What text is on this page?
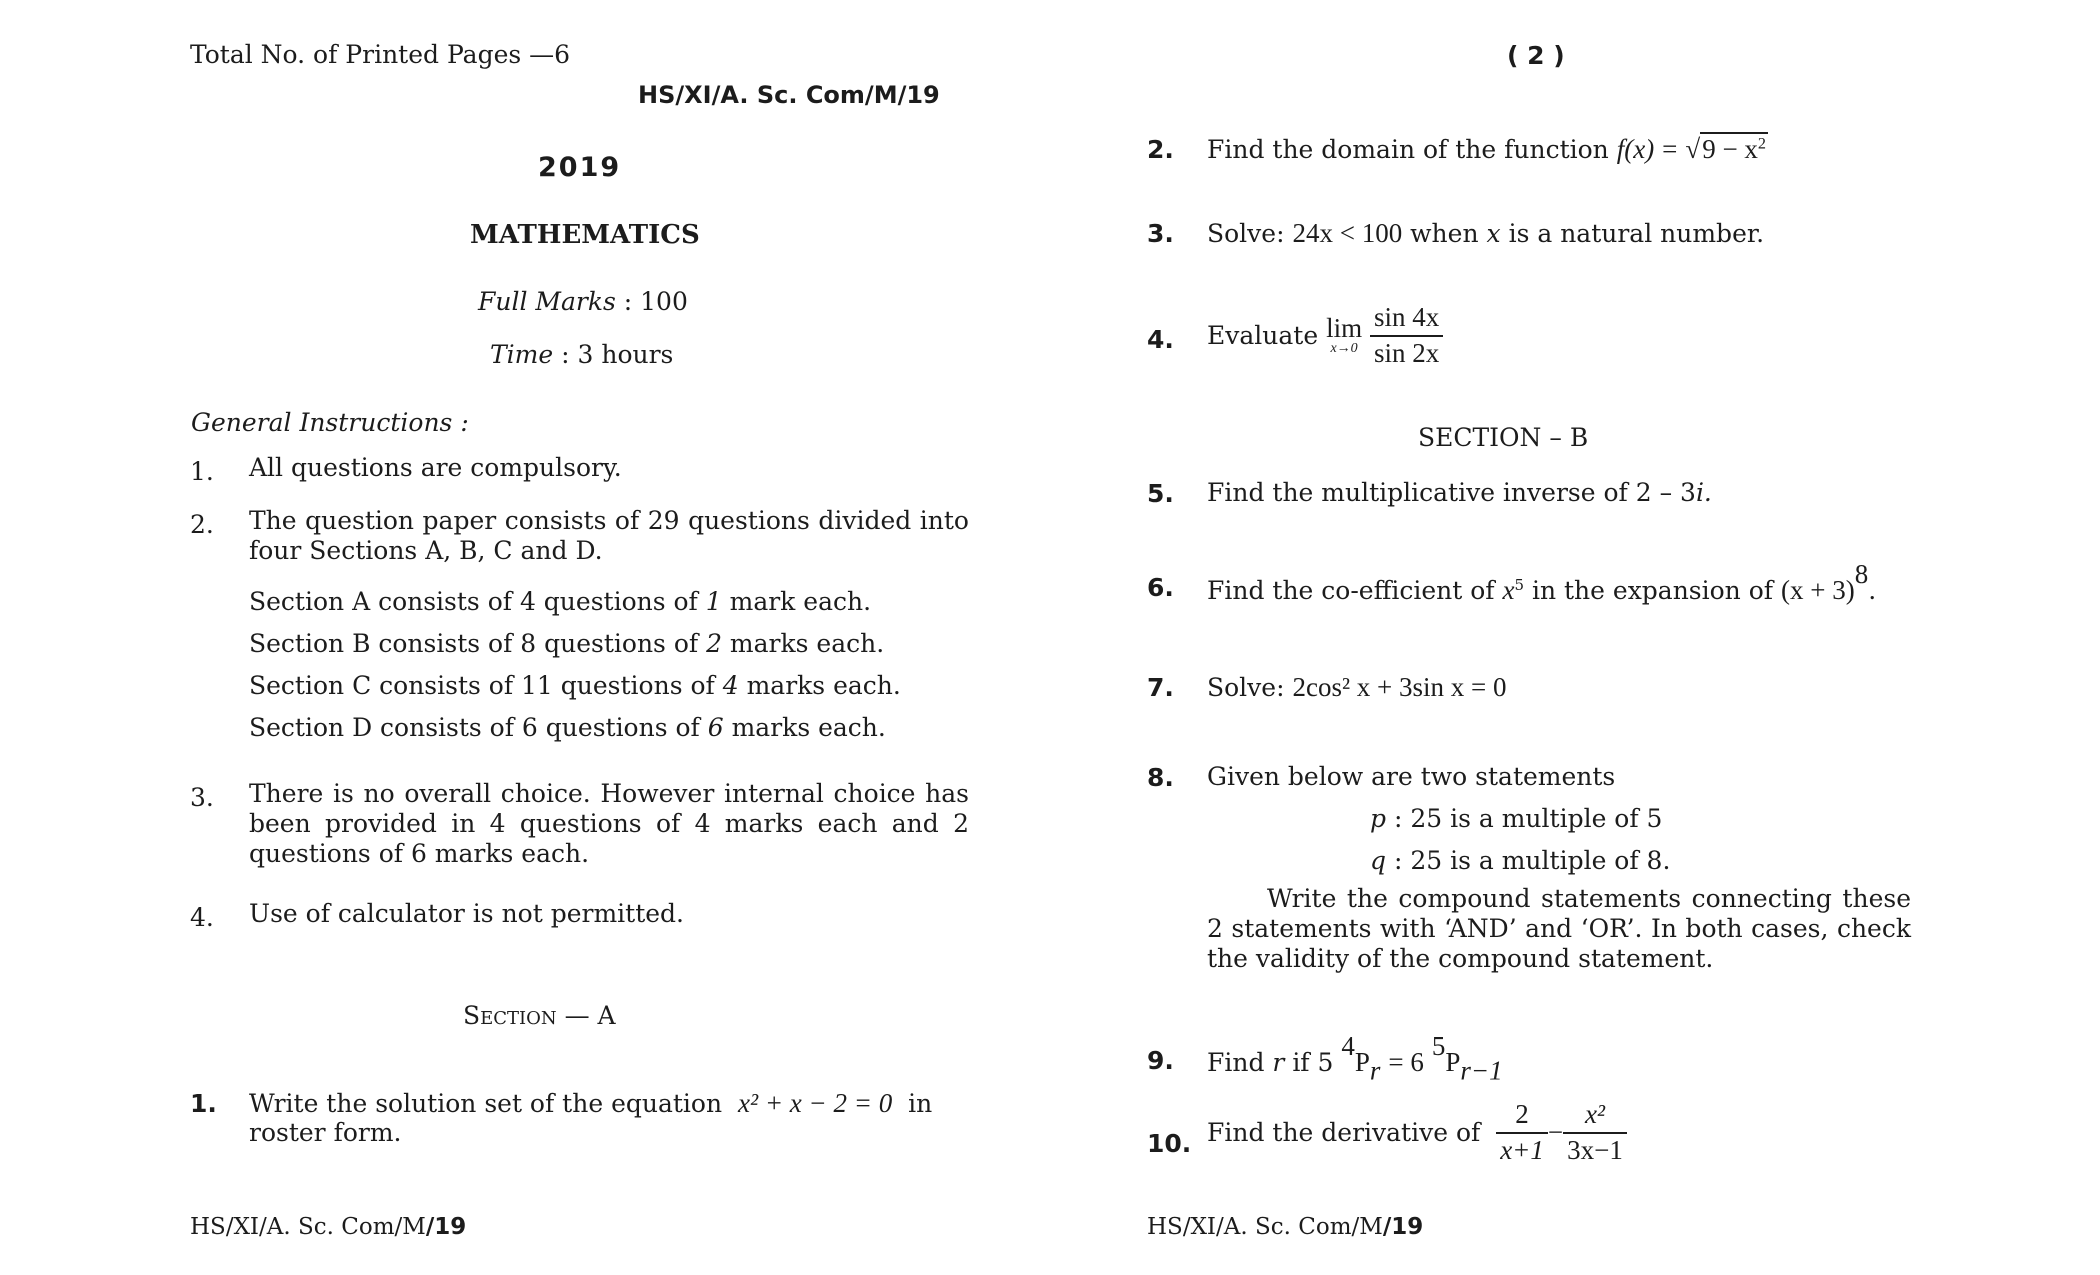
Total No. of Printed Pages —6
HS/XI/A. Sc. Com/M/19
2019
MATHEMATICS
Full Marks : 100
Time : 3 hours
General Instructions :
1. All questions are compulsory.
2. The question paper consists of 29 questions divided into four Sections A, B, C and D.
Section A consists of 4 questions of 1 mark each.
Section B consists of 8 questions of 2 marks each.
Section C consists of 11 questions of 4 marks each.
Section D consists of 6 questions of 6 marks each.
3. There is no overall choice. However internal choice has been provided in 4 questions of 4 marks each and 2 questions of 6 marks each.
4. Use of calculator is not permitted.
Section — A
1. Write the solution set of the equation x² + x − 2 = 0 in
roster form.
HS/XI/A. Sc. Com/M/19
( 2 )
2. Find the domain of the function $f(x) = √9 - x^2$
3. Solve: 24x < 100 when x is a natural number.
4. Evaluate lim
x→0
$\frac{\sin 4x}{\sin 2x}$
SECTION – B
5. Find the multiplicative inverse of 2 – 3i.
6. Find the co-efficient of $x^5$ in the expansion of $(x + 3)^8$.
7. Solve: 2cos² x + 3sin x = 0
8. Given below are two statements
p : 25 is a multiple of 5
q : 25 is a multiple of 8.
Write the compound statements connecting these 2 statements with ‘AND’ and ‘OR’. In both cases, check the validity of the compound statement.
9. Find r if 5 $^4P_r = 6$ $^5P_{r-1}$
10. Find the derivative of $\frac{2}{x+1} - \frac{\text{x²}}{3x-1}$
HS/XI/A. Sc. Com/M/19
